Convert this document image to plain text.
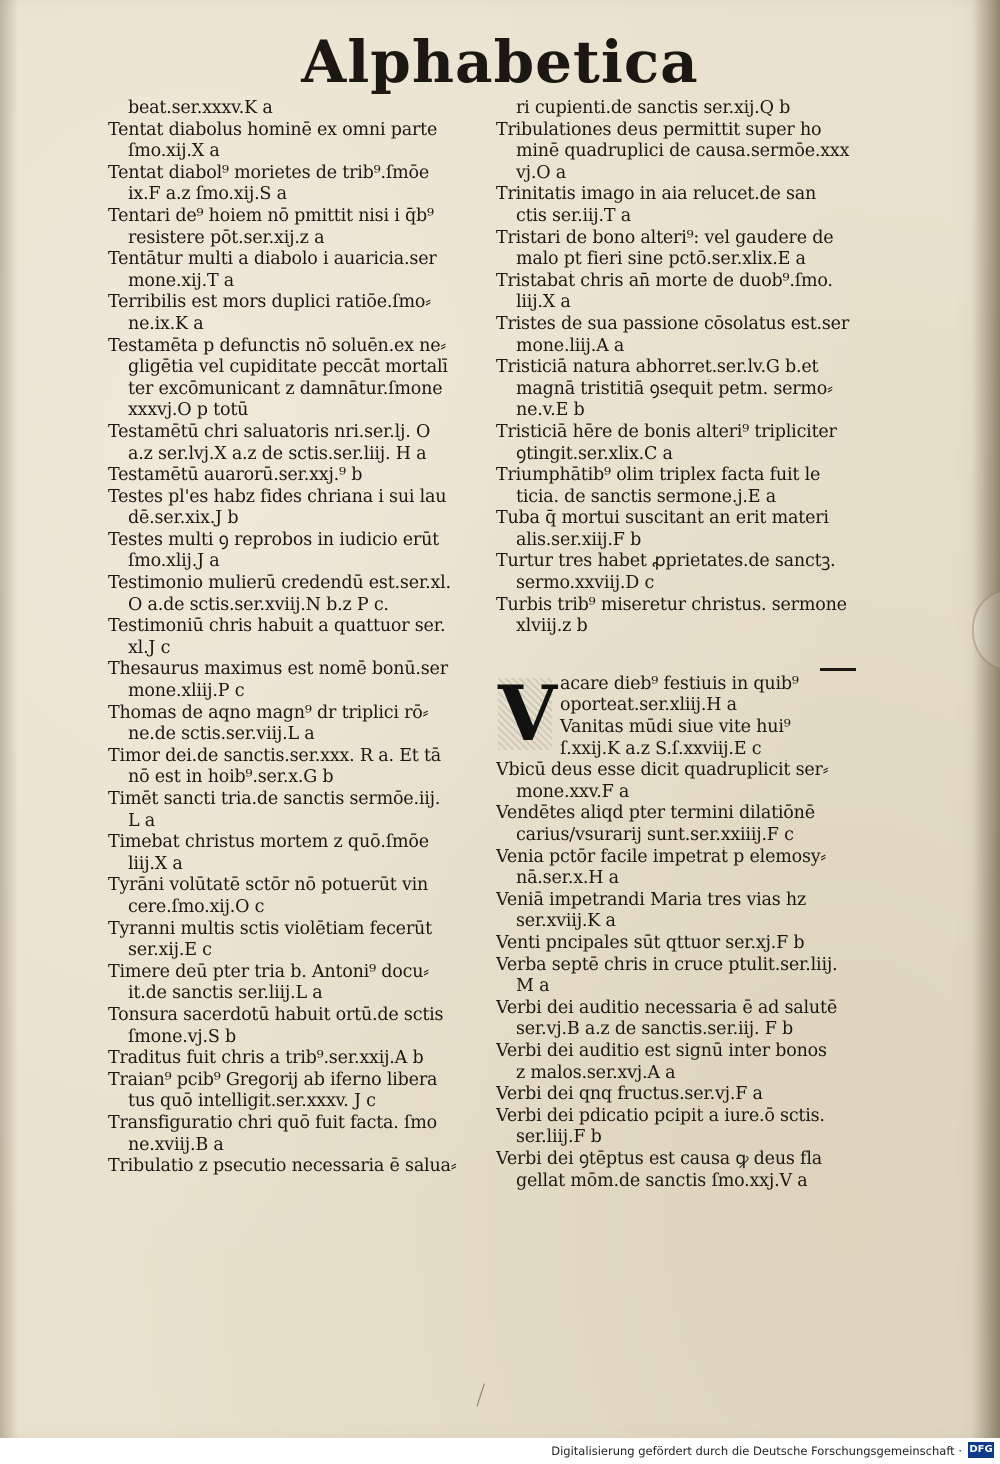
Alphabetica
beat.ser.xxxv.K a
Tentat diabolus hominē ex omni parte
ſmo.xij.X a
Tentat diabol⁹ morietes de trib⁹.ſmōe
ix.F a.z ſmo.xij.S a
Tentari de⁹ hoiem nō pmittit nisi i q̄b⁹
resistere pōt.ser.xij.z a
Tentātur multi a diabolo i auaricia.ser
mone.xij.T a
Terribilis est mors duplici ratiōe.ſmo⸗
ne.ix.K a
Testamēta p defunctis nō soluēn.ex ne⸗
gligētia vel cupiditate peccāt mortalī
ter excōmunicanṫ z damnātur.ſmone
xxxvj.O p totū
Testamētū chri saluatoris nri.ser.lj. O
a.z ser.lvj.X a.z de sctis.ser.liij. H a
Testamētū auarorū.ser.xxj.⁹ b
Testes pl'es habz fides chriana i sui lau
dē.ser.xix.J b
Testes multi ꝯ reprobos in iudicio erūt
ſmo.xlij.J a
Testimonio mulierū credendū est.ser.xl.
O a.de sctis.ser.xviij.N b.z P c.
Testimoniū chris habuit a quattuor ser.
xl.J c
Thesaurus maximus est nomē bonū.ser
mone.xliij.P c
Thomas de aqno magn⁹ dr triplici rō⸗
ne.de sctis.ser.viij.L a
Timor dei.de sanctis.ser.xxx. R a. Et tā
nō est in hoib⁹.ser.x.G b
Timēt sancti tria.de sanctis sermōe.iij.
L a
Timebat christus mortem z quō.ſmōe
liij.X a
Tyrāni volūtatē sctōr nō potuerūt vin
cere.ſmo.xij.O c
Tyranni multis sctis violētiam fecerūt
ser.xij.E c
Timere deū pter tria b. Antoni⁹ docu⸗
it.de sanctis ser.liij.L a
Tonsura sacerdotū habuit ortū.de sctis
ſmone.vj.S b
Traditus fuit chris a trib⁹.ser.xxij.A b
Traian⁹ pcib⁹ Gregorij ab iferno libera
tus quō intelligiṫ.ser.xxxv. J c
Transfiguratio chri quō fuit facta. ſmo
ne.xviij.B a
Tribulatio z psecutio necessaria ē salua⸗
ri cupienti.de sanctis ser.xij.Q b
Tribulationes deus permittit super ho
minē quadruplici de causa.sermōe.xxx
vj.O a
Trinitatis imago in aia relucet.de san
ctis ser.iij.T a
Tristari de bono alteri⁹: vel gaudere de
malo pt fieri sine pctō.ser.xlix.E a
Tristabaṫ chris an̄ morte de duob⁹.ſmo.
liij.X a
Tristes de sua passione cōsolatus est.ser
mone.liij.A a
Tristiciā natura abhorret.ser.lv.G b.et
magnā tristitiā ꝯsequiṫ petm. sermo⸗
ne.v.E b
Tristiciā hēre de bonis alteri⁹ tripliciter
ꝯtingit.ser.xlix.C a
Triumphātib⁹ olim triplex facta fuit le
ticia. de sanctis sermone.j.E a
Tuba q̄ mortui suscitanṫ an erit materi
alis.ser.xiij.F b
Turtur tres habet ꝓprietates.de sanctꝫ.
sermo.xxviij.D c
Turbis trib⁹ miseretur christus. sermone
xlviij.z b
V acare dieb⁹ festiuis in quib⁹
oporteat.ser.xliij.H a
Vanitas mūdi siue vite hui⁹
ſ.xxij.K a.z S.ſ.xxviij.E c
Vbicū deus esse dicit quadrupliciṫ ser⸗
mone.xxv.F a
Vendētes aliqd pter termini dilatiōnē
carius/vsurarij sunt.ser.xxiiij.F c
Venia pctōr facile impetraṫ p elemosy⸗
nā.ser.x.H a
Veniā impetrandi Maria tres vias hz
ser.xviij.K a
Venti pncipales sūt qttuor ser.xj.F b
Verba septē chris in cruce ptulit.ser.liij.
M a
Verbi dei auditio necessaria ē ad salutē
ser.vj.B a.z de sanctis.ser.iij. F b
Verbi dei auditio est signū inter bonos
z malos.ser.xvj.A a
Verbi dei qnq fructus.ser.vj.F a
Verbi dei pdicatio pcipiṫ a iure.ō sctis.
ser.liij.F b
Verbi dei ꝯtēptus est causa ꝙ deus fla
gellat mōm.de sanctis ſmo.xxj.V a
Digitalisierung gefördert durch die Deutsche Forschungsgemeinschaft · DFG
